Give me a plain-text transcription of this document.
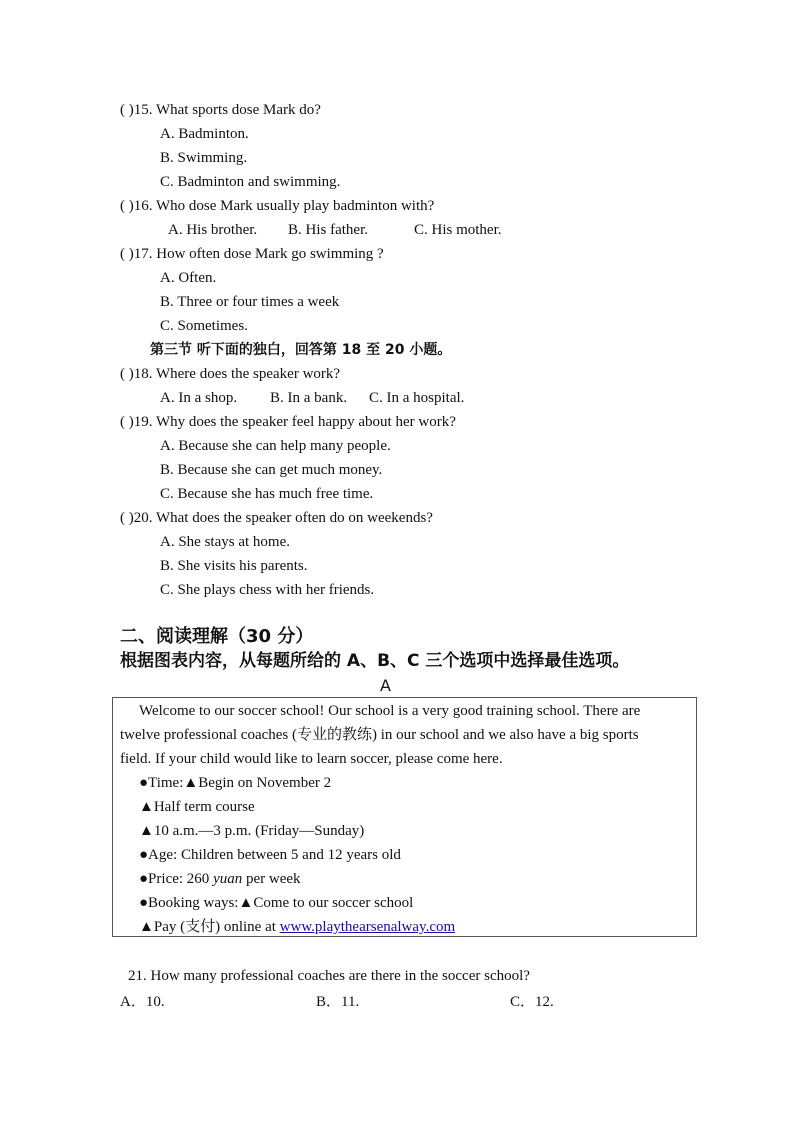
( )15. What sports dose Mark do?
A. Badminton.
B. Swimming.
C. Badminton and swimming.
( )16. Who dose Mark usually play badminton with?
A. His brother. B. His father.	C. His mother.
( )17. How often dose Mark go swimming ?
A. Often.
B. Three or four times a week
C. Sometimes.
第三节 听下面的独白，回答第 18 至 20 小题。
( )18. Where does the speaker work?
A. In a shop. B. In a bank. C. In a hospital.
( )19. Why does the speaker feel happy about her work?
A. Because she can help many people.
B. Because she can get much money.
C. Because she has much free time.
( )20. What does the speaker often do on weekends?
A. She stays at home.
B. She visits his parents.
C. She plays chess with her friends.
二、阅读理解（30 分）
根据图表内容，从每题所给的 A、B、C 三个选项中选择最佳选项。
A
Welcome to our soccer school! Our school is a very good training school. There are
twelve professional coaches (专业的教练) in our school and we also have a big sports
field. If your child would like to learn soccer, please come here.
●Time:▲Begin on November 2
▲Half term course
▲10 a.m.—3 p.m. (Friday—Sunday)
●Age: Children between 5 and 12 years old
●Price: 260 yuan per week
●Booking ways:▲Come to our soccer school
▲Pay (支付) online at www.playthearsenalway.com
21. How many professional coaches are there in the soccer school?
A．10.	B．11.	C．12.
